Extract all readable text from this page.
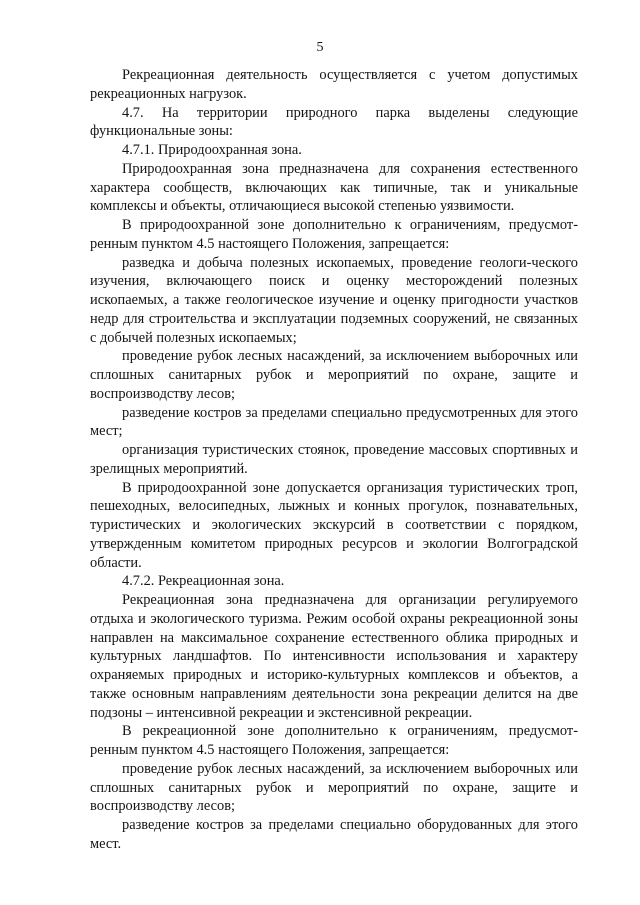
5

Рекреационная деятельность осуществляется с учетом допустимых рекреационных нагрузок.

4.7. На территории природного парка выделены следующие функциональные зоны:

4.7.1. Природоохранная зона.

Природоохранная зона предназначена для сохранения естественного характера сообществ, включающих как типичные, так и уникальные комплексы и объекты, отличающиеся высокой степенью уязвимости.

В природоохранной зоне дополнительно к ограничениям, предусмот-ренным пунктом 4.5 настоящего Положения, запрещается:

разведка и добыча полезных ископаемых, проведение геологи-ческого изучения, включающего поиск и оценку месторождений полезных ископаемых, а также геологическое изучение и оценку пригодности участков недр для строительства и эксплуатации подземных сооружений, не связанных с добычей полезных ископаемых;

проведение рубок лесных насаждений, за исключением выборочных или сплошных санитарных рубок и мероприятий по охране, защите и воспроизводству лесов;

разведение костров за пределами специально предусмотренных для этого мест;

организация туристических стоянок, проведение массовых спортивных и зрелищных мероприятий.

В природоохранной зоне допускается организация туристических троп, пешеходных, велосипедных, лыжных и конных прогулок, познавательных, туристических и экологических экскурсий в соответствии с порядком, утвержденным комитетом природных ресурсов и экологии Волгоградской области.

4.7.2. Рекреационная зона.

Рекреационная зона предназначена для организации регулируемого отдыха и экологического туризма. Режим особой охраны рекреационной зоны направлен на максимальное сохранение естественного облика природных и культурных ландшафтов. По интенсивности использования и характеру охраняемых природных и историко-культурных комплексов и объектов, а также основным направлениям деятельности зона рекреации делится на две подзоны – интенсивной рекреации и экстенсивной рекреации.

В рекреационной зоне дополнительно к ограничениям, предусмот-ренным пунктом 4.5 настоящего Положения, запрещается:

проведение рубок лесных насаждений, за исключением выборочных или сплошных санитарных рубок и мероприятий по охране, защите и воспроизводству лесов;

разведение костров за пределами специально оборудованных для этого мест.
